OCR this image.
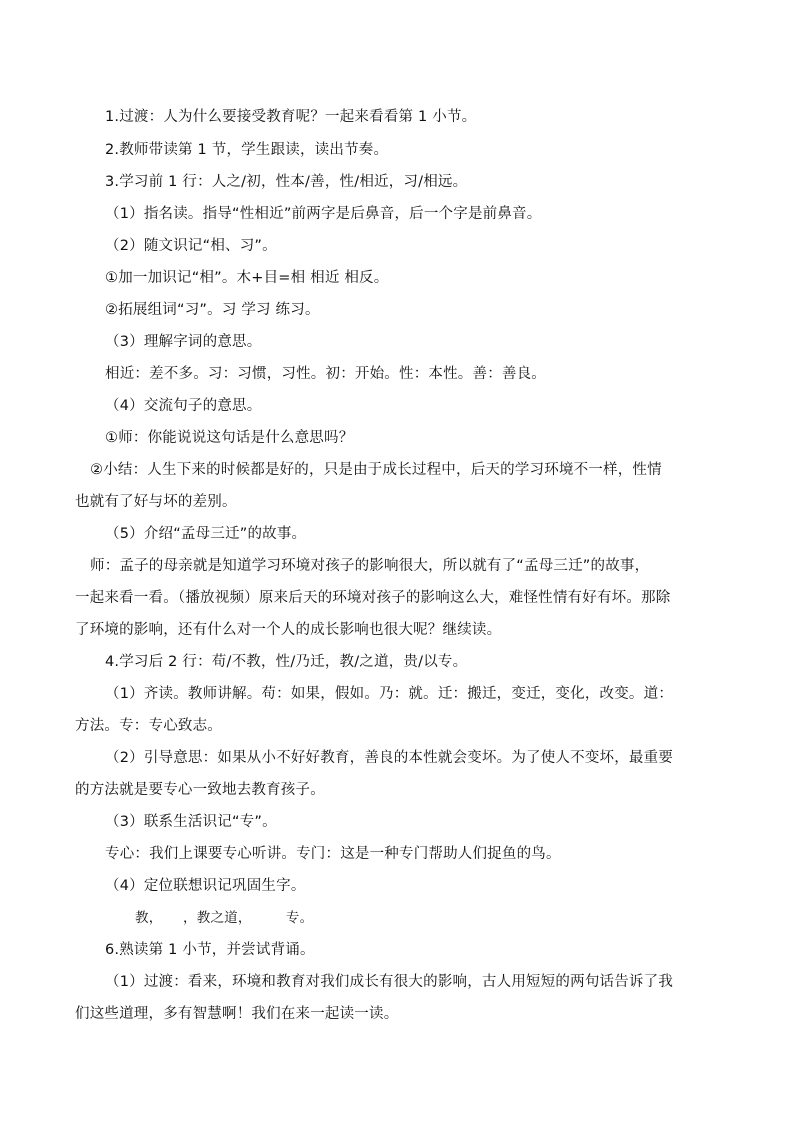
1.过渡：人为什么要接受教育呢？一起来看看第 1 小节。
2.教师带读第 1 节，学生跟读，读出节奏。
3.学习前 1 行：人之/初，性本/善，性/相近，习/相远。
（1）指名读。指导“性相近”前两字是后鼻音，后一个字是前鼻音。
（2）随文识记“相、习”。
①加一加识记“相”。木+目=相 相近 相反。
②拓展组词“习”。习 学习 练习。
（3）理解字词的意思。
相近：差不多。习：习惯，习性。初：开始。性：本性。善：善良。
（4）交流句子的意思。
①师：你能说说这句话是什么意思吗？
②小结：人生下来的时候都是好的，只是由于成长过程中，后天的学习环境不一样，性情
也就有了好与坏的差别。
（5）介绍“孟母三迁”的故事。
师：孟子的母亲就是知道学习环境对孩子的影响很大，所以就有了“孟母三迁”的故事，
一起来看一看。（播放视频）原来后天的环境对孩子的影响这么大，难怪性情有好有坏。那除
了环境的影响，还有什么对一个人的成长影响也很大呢？继续读。
4.学习后 2 行：苟/不教，性/乃迁，教/之道，贵/以专。
（1）齐读。教师讲解。苟：如果，假如。乃：就。迁：搬迁，变迁，变化，改变。道：
方法。专：专心致志。
（2）引导意思：如果从小不好好教育，善良的本性就会变坏。为了使人不变坏，最重要
的方法就是要专心一致地去教育孩子。
（3）联系生活识记“专”。
专心：我们上课要专心听讲。专门：这是一种专门帮助人们捉鱼的鸟。
（4）定位联想识记巩固生字。
教，　　，教之道，　　　专。
6.熟读第 1 小节，并尝试背诵。
（1）过渡：看来，环境和教育对我们成长有很大的影响，古人用短短的两句话告诉了我
们这些道理，多有智慧啊！我们在来一起读一读。
